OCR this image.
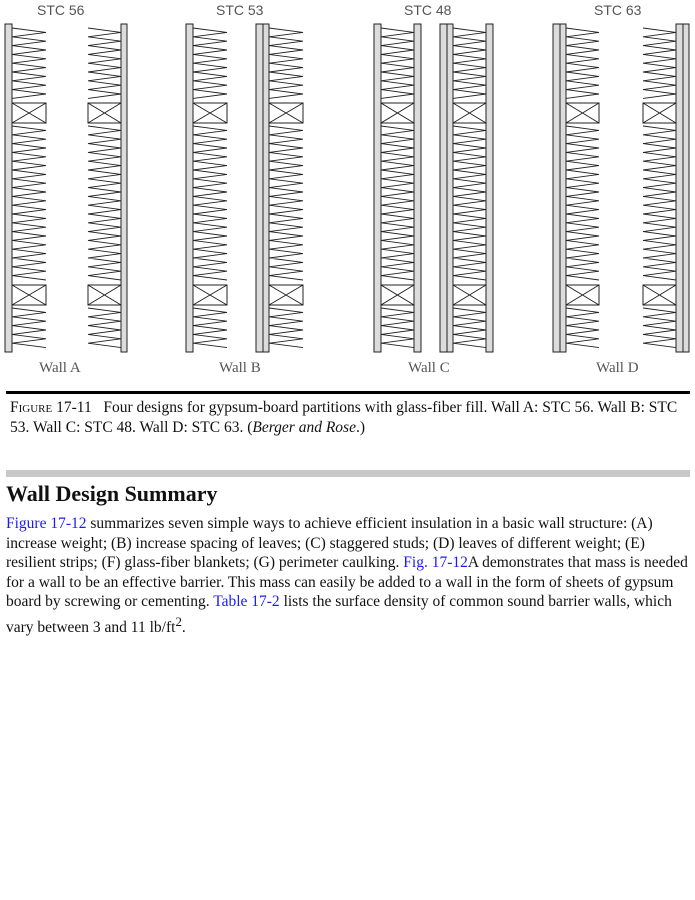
STC 56	STC 53	STC 48	STC 63
Wall A	Wall B	Wall C	Wall D
Figure 17-11 Four designs for gypsum-board partitions with glass-fiber fill. Wall A: STC 56. Wall B: STC 53. Wall C: STC 48. Wall D: STC 63. (Berger and Rose.)
Wall Design Summary

Figure 17-12 summarizes seven simple ways to achieve efficient insulation in a basic wall structure: (A) increase weight; (B) increase spacing of leaves; (C) staggered studs; (D) leaves of different weight; (E) resilient strips; (F) glass-fiber blankets; (G) perimeter caulking. Fig. 17-12A demonstrates that mass is needed for a wall to be an effective barrier. This mass can easily be added to a wall in the form of sheets of gypsum board by screwing or cementing. Table 17-2 lists the surface density of common sound barrier walls, which vary between 3 and 11 $lb/ft^2$.
